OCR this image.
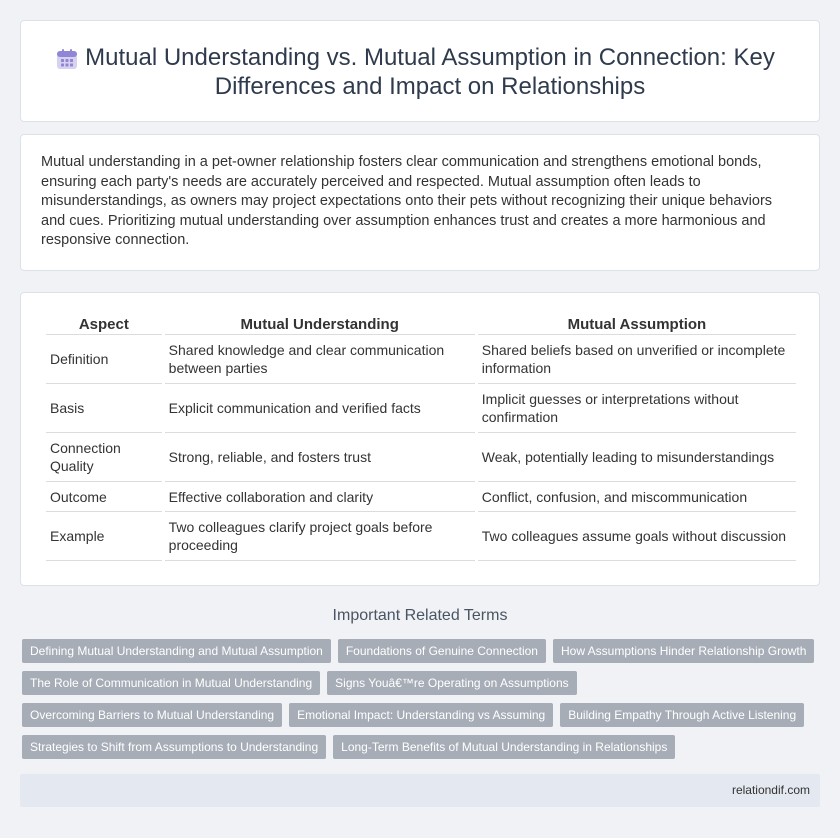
Mutual Understanding vs. Mutual Assumption in Connection: Key Differences and Impact on Relationships

Mutual understanding in a pet-owner relationship fosters clear communication and strengthens emotional bonds, ensuring each party's needs are accurately perceived and respected. Mutual assumption often leads to misunderstandings, as owners may project expectations onto their pets without recognizing their unique behaviors and cues. Prioritizing mutual understanding over assumption enhances trust and creates a more harmonious and responsive connection.

Aspect	Mutual Understanding	Mutual Assumption
Definition	Shared knowledge and clear communication between parties	Shared beliefs based on unverified or incomplete information
Basis	Explicit communication and verified facts	Implicit guesses or interpretations without confirmation
Connection Quality	Strong, reliable, and fosters trust	Weak, potentially leading to misunderstandings
Outcome	Effective collaboration and clarity	Conflict, confusion, and miscommunication
Example	Two colleagues clarify project goals before proceeding	Two colleagues assume goals without discussion
Important Related Terms
Defining Mutual Understanding and Mutual Assumption	Foundations of Genuine Connection	How Assumptions Hinder Relationship Growth
The Role of Communication in Mutual Understanding	Signs Youâ€™re Operating on Assumptions
Overcoming Barriers to Mutual Understanding	Emotional Impact: Understanding vs Assuming	Building Empathy Through Active Listening
Strategies to Shift from Assumptions to Understanding	Long-Term Benefits of Mutual Understanding in Relationships
relationdif.com
